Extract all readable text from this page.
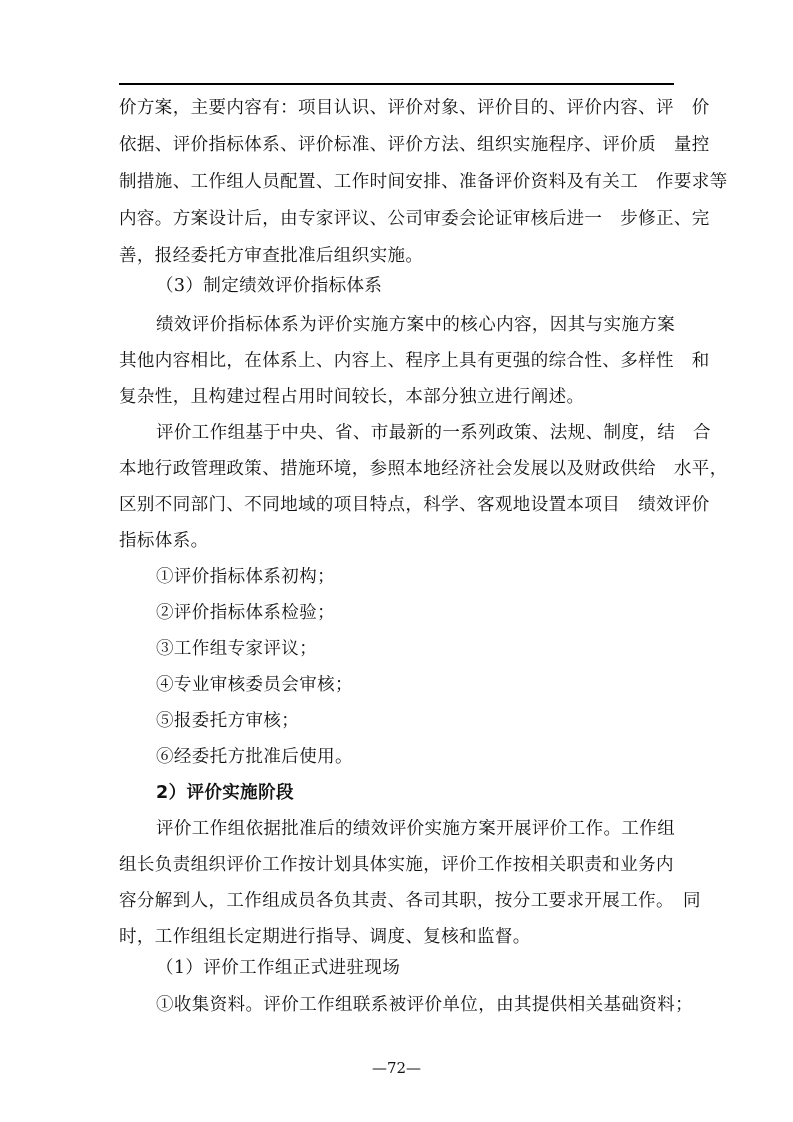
价方案，主要内容有：项目认识、评价对象、评价目的、评价内容、评　价
依据、评价指标体系、评价标准、评价方法、组织实施程序、评价质　量控
制措施、工作组人员配置、工作时间安排、准备评价资料及有关工　作要求等
内容。方案设计后，由专家评议、公司审委会论证审核后进一　步修正、完
善，报经委托方审查批准后组织实施。
（3）制定绩效评价指标体系
绩效评价指标体系为评价实施方案中的核心内容，因其与实施方案
其他内容相比，在体系上、内容上、程序上具有更强的综合性、多样性　和
复杂性，且构建过程占用时间较长，本部分独立进行阐述。
评价工作组基于中央、省、市最新的一系列政策、法规、制度，结　合
本地行政管理政策、措施环境，参照本地经济社会发展以及财政供给　水平，
区别不同部门、不同地域的项目特点，科学、客观地设置本项目　绩效评价
指标体系。
①评价指标体系初构；
②评价指标体系检验；
③工作组专家评议；
④专业审核委员会审核；
⑤报委托方审核；
⑥经委托方批准后使用。
2）评价实施阶段
评价工作组依据批准后的绩效评价实施方案开展评价工作。工作组
组长负责组织评价工作按计划具体实施，评价工作按相关职责和业务内
容分解到人，工作组成员各负其责、各司其职，按分工要求开展工作。　同
时，工作组组长定期进行指导、调度、复核和监督。
（1）评价工作组正式进驻现场
①收集资料。评价工作组联系被评价单位，由其提供相关基础资料；
—72—
